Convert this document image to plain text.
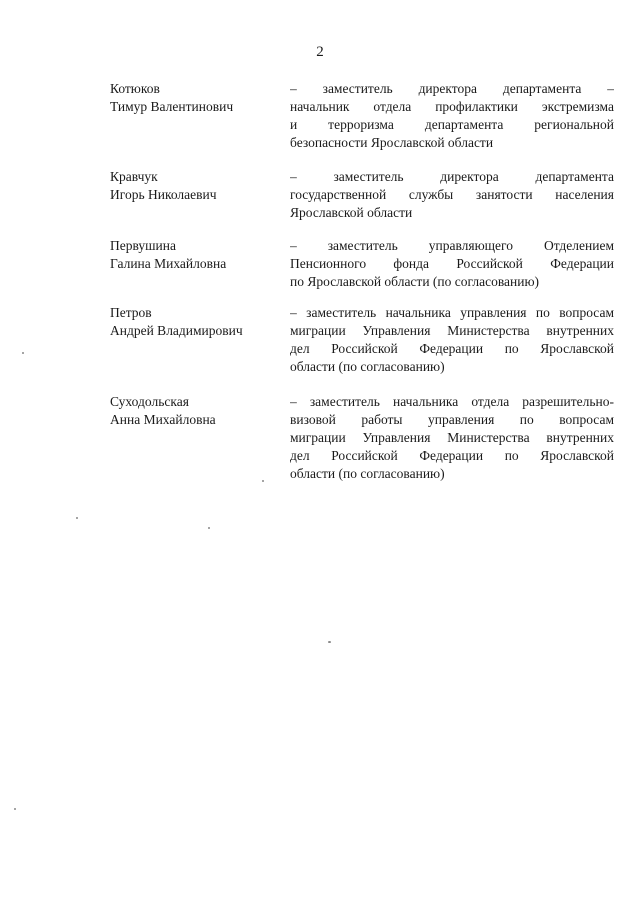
2
Котюков
Тимур Валентинович
– заместитель директора департамента –
начальник отдела профилактики экстремизма
и терроризма департамента региональной
безопасности Ярославской области
Кравчук
Игорь Николаевич
– заместитель директора департамента
государственной службы занятости населения
Ярославской области
Первушина
Галина Михайловна
– заместитель управляющего Отделением
Пенсионного фонда Российской Федерации
по Ярославской области (по согласованию)
Петров
Андрей Владимирович
– заместитель начальника управления по вопросам
миграции Управления Министерства внутренних
дел Российской Федерации по Ярославской
области (по согласованию)
Суходольская
Анна Михайловна
– заместитель начальника отдела разрешительно-
визовой работы управления по вопросам
миграции Управления Министерства внутренних
дел Российской Федерации по Ярославской
области (по согласованию)
